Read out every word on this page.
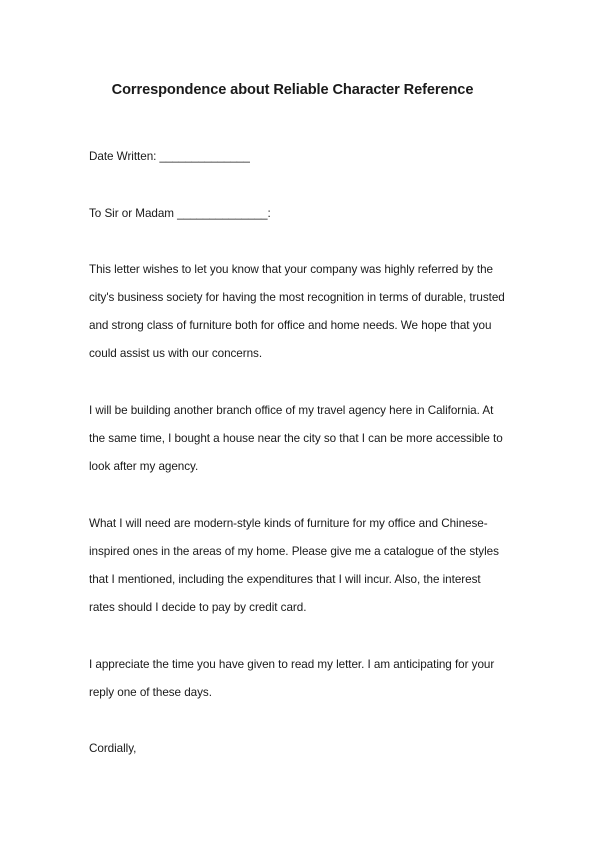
Correspondence about Reliable Character Reference
Date Written: ______________
To Sir or Madam ______________:
This letter wishes to let you know that your company was highly referred by the
city's business society for having the most recognition in terms of durable, trusted
and strong class of furniture both for office and home needs. We hope that you
could assist us with our concerns.
I will be building another branch office of my travel agency here in California. At
the same time, I bought a house near the city so that I can be more accessible to
look after my agency.
What I will need are modern-style kinds of furniture for my office and Chinese-
inspired ones in the areas of my home. Please give me a catalogue of the styles
that I mentioned, including the expenditures that I will incur. Also, the interest
rates should I decide to pay by credit card.
I appreciate the time you have given to read my letter. I am anticipating for your
reply one of these days.
Cordially,
